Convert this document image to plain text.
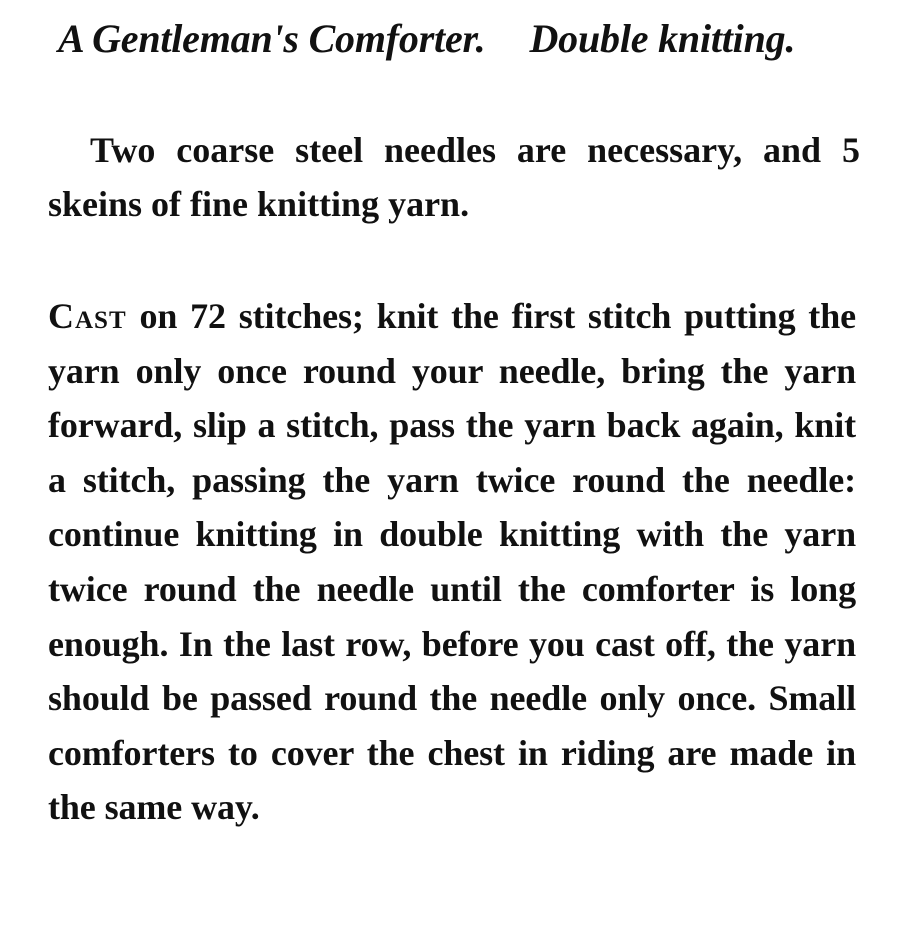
A Gentleman's Comforter. Double knitting.

Two coarse steel needles are necessary, and 5 skeins of fine knitting yarn.

Cast on 72 stitches; knit the first stitch putting the yarn only once round your needle, bring the yarn forward, slip a stitch, pass the yarn back again, knit a stitch, passing the yarn twice round the needle: continue knitting in double knitting with the yarn twice round the needle until the comforter is long enough. In the last row, before you cast off, the yarn should be passed round the needle only once. Small comforters to cover the chest in riding are made in the same way.
